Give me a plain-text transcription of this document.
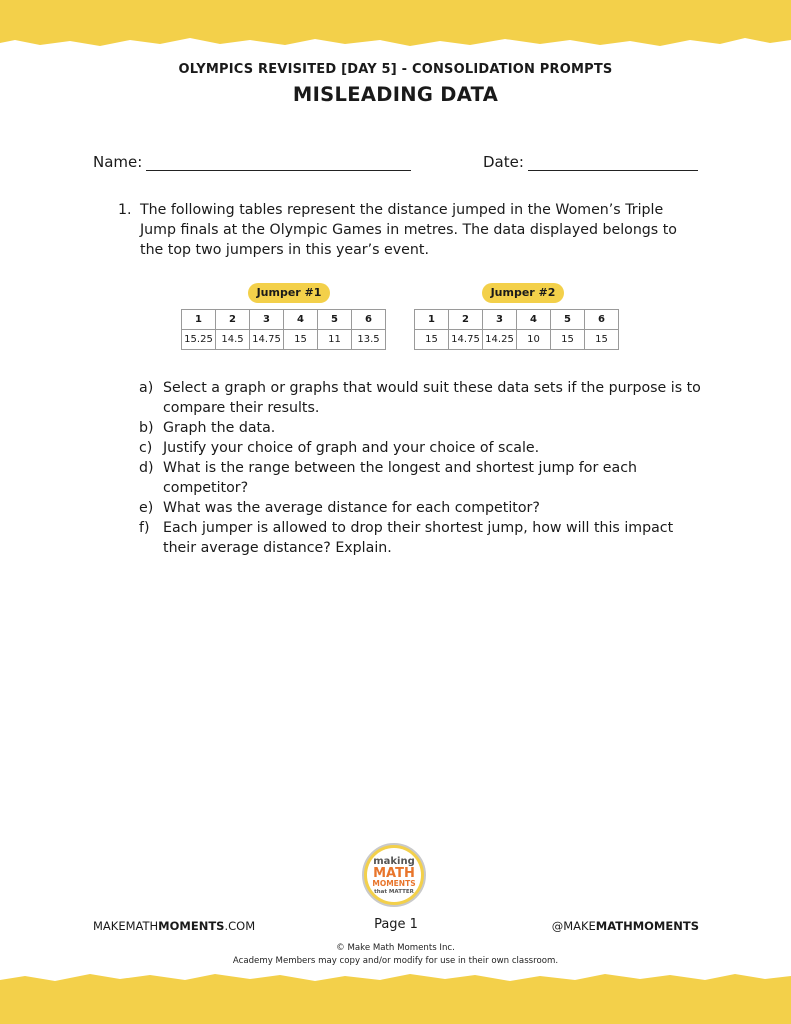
OLYMPICS REVISITED [DAY 5] - CONSOLIDATION PROMPTS
MISLEADING DATA
Name:	Date:
1. The following tables represent the distance jumped in the Women’s Triple Jump finals at the Olympic Games in metres. The data displayed belongs to the top two jumpers in this year’s event.
Jumper #1	Jumper #2
1	2	3	4	5	6
15.25	14.5	14.75	15	11	13.5
1	2	3	4	5	6
15	14.75	14.25	10	15	15
a) Select a graph or graphs that would suit these data sets if the purpose is to compare their results.
b) Graph the data.
c) Justify your choice of graph and your choice of scale.
d) What is the range between the longest and shortest jump for each competitor?
e) What was the average distance for each competitor?
f) Each jumper is allowed to drop their shortest jump, how will this impact their average distance? Explain.
making
MATH
MOMENTS
that MATTER
MAKEMATHMOMENTS.COM	Page 1	@MAKEMATHMOMENTS
© Make Math Moments Inc.
Academy Members may copy and/or modify for use in their own classroom.
